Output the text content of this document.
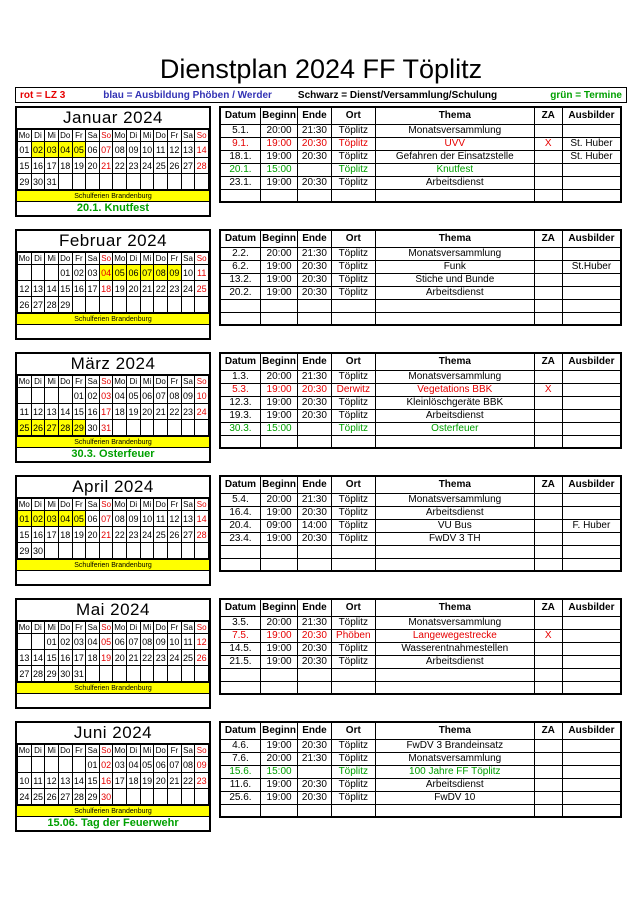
Dienstplan 2024 FF Töplitz
rot = LZ 3	blau = Ausbildung Phöben / Werder	Schwarz = Dienst/Versammlung/Schulung	grün = Termine
Januar 2024
Mo	Di	Mi	Do	Fr	Sa	So	Mo	Di	Mi	Do	Fr	Sa	So
01	02	03	04	05	06	07	08	09	10	11	12	13	14
15	16	17	18	19	20	21	22	23	24	25	26	27	28
29	30	31											
Schulferien Brandenburg
20.1. Knutfest
Datum	Beginn	Ende	Ort	Thema	ZA	Ausbilder
5.1.	20:00	21:30	Töplitz	Monatsversammlung		
9.1.	19:00	20:30	Töplitz	UVV	X	St. Huber
18.1.	19:00	20:30	Töplitz	Gefahren der Einsatzstelle		St. Huber
20.1.	15:00		Töplitz	Knutfest		
23.1.	19:00	20:30	Töplitz	Arbeitsdienst		

Februar 2024
Mo	Di	Mi	Do	Fr	Sa	So	Mo	Di	Mi	Do	Fr	Sa	So
			01	02	03	04	05	06	07	08	09	10	11
12	13	14	15	16	17	18	19	20	21	22	23	24	25
26	27	28	29										
Schulferien Brandenburg
Datum	Beginn	Ende	Ort	Thema	ZA	Ausbilder
2.2.	20:00	21:30	Töplitz	Monatsversammlung		
6.2.	19:00	20:30	Töplitz	Funk		St.Huber
13.2.	19:00	20:30	Töplitz	Stiche und Bunde		
20.2.	19:00	20:30	Töplitz	Arbeitsdienst		

März 2024
Mo	Di	Mi	Do	Fr	Sa	So	Mo	Di	Mi	Do	Fr	Sa	So
				01	02	03	04	05	06	07	08	09	10
11	12	13	14	15	16	17	18	19	20	21	22	23	24
25	26	27	28	29	30	31							
Schulferien Brandenburg
30.3. Osterfeuer
Datum	Beginn	Ende	Ort	Thema	ZA	Ausbilder
1.3.	20:00	21:30	Töplitz	Monatsversammlung		
5.3.	19:00	20:30	Derwitz	Vegetations BBK	X	
12.3.	19:00	20:30	Töplitz	Kleinlöschgeräte BBK		
19.3.	19:00	20:30	Töplitz	Arbeitsdienst		
30.3.	15:00		Töplitz	Osterfeuer		

April 2024
Mo	Di	Mi	Do	Fr	Sa	So	Mo	Di	Mi	Do	Fr	Sa	So
01	02	03	04	05	06	07	08	09	10	11	12	13	14
15	16	17	18	19	20	21	22	23	24	25	26	27	28
29	30												
Schulferien Brandenburg
Datum	Beginn	Ende	Ort	Thema	ZA	Ausbilder
5.4.	20:00	21:30	Töplitz	Monatsversammlung		
16.4.	19:00	20:30	Töplitz	Arbeitsdienst		
20.4.	09:00	14:00	Töplitz	VU Bus		F. Huber
23.4.	19:00	20:30	Töplitz	FwDV 3 TH		

Mai 2024
Mo	Di	Mi	Do	Fr	Sa	So	Mo	Di	Mi	Do	Fr	Sa	So
		01	02	03	04	05	06	07	08	09	10	11	12
13	14	15	16	17	18	19	20	21	22	23	24	25	26
27	28	29	30	31									
Schulferien Brandenburg
Datum	Beginn	Ende	Ort	Thema	ZA	Ausbilder
3.5.	20:00	21:30	Töplitz	Monatsversammlung		
7.5.	19:00	20:30	Phöben	Langewegestrecke	X	
14.5.	19:00	20:30	Töplitz	Wasserentnahmestellen		
21.5.	19:00	20:30	Töplitz	Arbeitsdienst		

Juni 2024
Mo	Di	Mi	Do	Fr	Sa	So	Mo	Di	Mi	Do	Fr	Sa	So
					01	02	03	04	05	06	07	08	09
10	11	12	13	14	15	16	17	18	19	20	21	22	23
24	25	26	27	28	29	30							
Schulferien Brandenburg
15.06. Tag der Feuerwehr
Datum	Beginn	Ende	Ort	Thema	ZA	Ausbilder
4.6.	19:00	20:30	Töplitz	FwDV 3 Brandeinsatz		
7.6.	20:00	21:30	Töplitz	Monatsversammlung		
15.6.	15:00		Töplitz	100 Jahre FF Töplitz		
11.6.	19:00	20:30	Töplitz	Arbeitsdienst		
25.6.	19:00	20:30	Töplitz	FwDV 10		
